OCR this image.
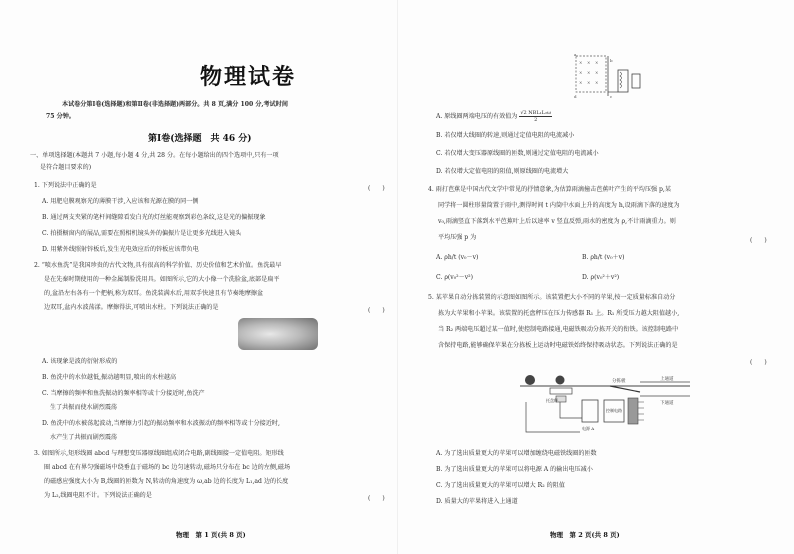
物理试卷
本试卷分第Ⅰ卷(选择题)和第Ⅱ卷(非选择题)两部分。共 8 页,满分 100 分,考试时间
75 分钟。
第Ⅰ卷(选择题　共 46 分)
一、单项选择题(本题共 7 小题,每小题 4 分,共 28 分。在每小题给出的四个选项中,只有一项
是符合题目要求的)
1. 下列说法中正确的是	(　　)
A. 用肥皂膜观察光的薄膜干涉,入应该和光源在膜的同一侧
B. 通过两支夹紧的笔杆间缝隙看发白光的灯丝能观察到彩色条纹,这是光的偏振现象
C. 拍摄橱窗内的展品,需要在照相机镜头外的偏振片是让更多光线进入镜头
D. 用紫外线照射锌板后,发生光电效应后的锌板应该带负电
2. “喷水鱼洗”是我国珍贵的古代文物,具有很高的科学价值、历史价值和艺术价值。鱼洗最早
是在先秦时期使用的一种金属制脸洗用具。如图所示,它的大小像一个洗脸盆,底部是扁平
的,盆沿左右各有一个把柄,称为双耳。鱼洗装满水后,用双手快速且有节奏地摩擦盆
边双耳,盆内水波荡漾。摩擦得法,可喷出水柱。下列说法正确的是	(　　)
A. 该现象是波的衍射形成的
B. 鱼洗中的水位越低,振动越明显,喷出的水柱越高
C. 当摩擦的频率和鱼洗振动的频率相等或十分接近时,鱼洗产
生了共振而使水剧烈震荡
D. 鱼洗中的水被荡起波动,当摩擦力引起的振动频率和水波振动的频率相等或十分接近时,
水产生了共振而剧烈震荡
3. 如图所示,矩形线圈 abcd 与理想变压器原线圈组成闭合电路,副线圈接一定值电阻。矩形线
圈 abcd 在有界匀强磁场中绕垂直于磁场的 bc 边匀速转动,磁场只分布在 bc 边的左侧,磁场
的磁感应强度大小为 B,线圈的匝数为 N,转动的角速度为 ω,ab 边的长度为 L₁,ad 边的长度
为 L₂,线圈电阻不计。下列说法正确的是	(　　)
物理　第 1 页(共 8 页)
× × ×
× × ×
× × ×
b
c
d
a
A. 原线圈两端电压的有效值为 $\frac{\text{√2 NBL₁L₂ω}}{2}$
B. 若仅增大线圈的转速,则通过定值电阻的电流减小
C. 若仅增大变压器原线圈的匝数,则通过定值电阻的电流减小
D. 若仅增大定值电阻的阻值,则原线圈的电流增大
4. 雨打芭蕉是中国古代文学中常见的抒情意象,为估算雨滴撞击芭蕉叶产生的平均压强 p,某
同学将一圆柱形量筒置于雨中,测得时间 t 内筒中水面上升的高度为 h,设雨滴下落的速度为
v₀,雨滴竖直下落到水平芭蕉叶上后以速率 v 竖直反弹,雨水的密度为 ρ,不计雨滴重力。则
平均压强 p 为	(　　)
A. ρh/t (v₀－v)	B. ρh/t (v₀＋v)
C. ρ(v₀²－v²)	D. ρ(v₀²＋v²)
5. 某苹果自动分拣装置的示意图如图所示。该装置把大小不同的苹果,按一定质量标准自动分
拣为大苹果和小苹果。该装置的托盘秤压在压力传感器 R₁ 上。R₁ 所受压力越大阻值越小,
当 R₂ 两端电压超过某一值时,使控制电路接通,电磁铁吸动分拣开关的衔铁。该控制电路中
含保持电路,能够确保苹果在分拣板上运动时电磁铁始终保持吸动状态。下列说法正确的是
(　　)
分拣板	上通道
下通道
托盘秤
控制电路
电源 A
A. 为了选出质量更大的苹果可以增加缠绕电磁铁线圈的匝数
B. 为了选出质量更大的苹果可以将电源 A 的输出电压减小
C. 为了选出质量更大的苹果可以增大 R₂ 的阻值
D. 质量大的苹果将进入上通道
物理　第 2 页(共 8 页)
